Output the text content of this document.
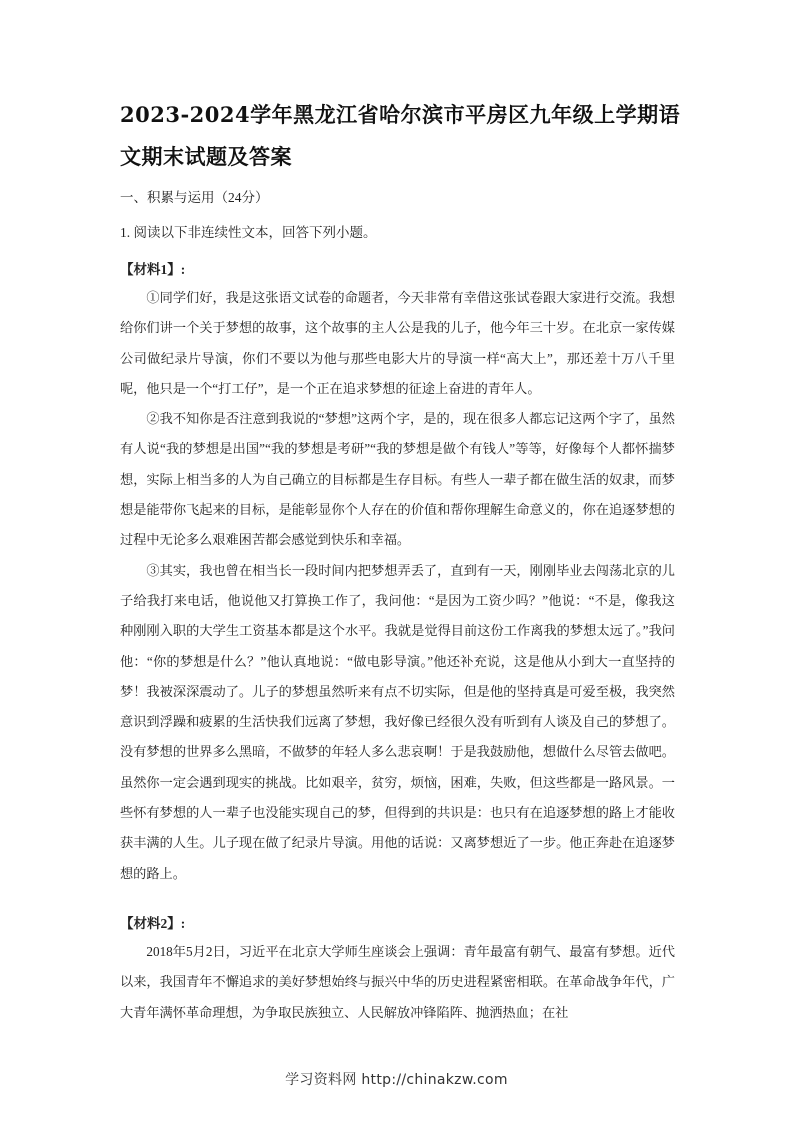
2023-2024学年黑龙江省哈尔滨市平房区九年级上学期语文期末试题及答案
一、积累与运用（24分）
1. 阅读以下非连续性文本，回答下列小题。
【材料1】:

①同学们好，我是这张语文试卷的命题者，今天非常有幸借这张试卷跟大家进行交流。我想给你们讲一个关于梦想的故事，这个故事的主人公是我的儿子，他今年三十岁。在北京一家传媒公司做纪录片导演，你们不要以为他与那些电影大片的导演一样“高大上”，那还差十万八千里呢，他只是一个“打工仔”，是一个正在追求梦想的征途上奋进的青年人。

②我不知你是否注意到我说的“梦想”这两个字，是的，现在很多人都忘记这两个字了，虽然有人说“我的梦想是出国”“我的梦想是考研”“我的梦想是做个有钱人”等等，好像每个人都怀揣梦想，实际上相当多的人为自己确立的目标都是生存目标。有些人一辈子都在做生活的奴隶，而梦想是能带你飞起来的目标，是能彰显你个人存在的价值和帮你理解生命意义的，你在追逐梦想的过程中无论多么艰难困苦都会感觉到快乐和幸福。

③其实，我也曾在相当长一段时间内把梦想弄丢了，直到有一天，刚刚毕业去闯荡北京的儿子给我打来电话，他说他又打算换工作了，我问他：“是因为工资少吗？”他说：“不是，像我这种刚刚入职的大学生工资基本都是这个水平。我就是觉得目前这份工作离我的梦想太远了。”我问他：“你的梦想是什么？”他认真地说：“做电影导演。”他还补充说，这是他从小到大一直坚持的梦！我被深深震动了。儿子的梦想虽然听来有点不切实际，但是他的坚持真是可爱至极，我突然意识到浮躁和疲累的生活快我们远离了梦想，我好像已经很久没有听到有人谈及自己的梦想了。没有梦想的世界多么黑暗，不做梦的年轻人多么悲哀啊！于是我鼓励他，想做什么尽管去做吧。虽然你一定会遇到现实的挑战。比如艰辛，贫穷，烦恼，困难，失败，但这些都是一路风景。一些怀有梦想的人一辈子也没能实现自己的梦，但得到的共识是：也只有在追逐梦想的路上才能收获丰满的人生。儿子现在做了纪录片导演。用他的话说：又离梦想近了一步。他正奔赴在追逐梦想的路上。

【材料2】:

2018年5月2日，习近平在北京大学师生座谈会上强调：青年最富有朝气、最富有梦想。近代以来，我国青年不懈追求的美好梦想始终与振兴中华的历史进程紧密相联。在革命战争年代，广大青年满怀革命理想，为争取民族独立、人民解放冲锋陷阵、抛洒热血；在社

学习资料网 http://chinakzw.com
